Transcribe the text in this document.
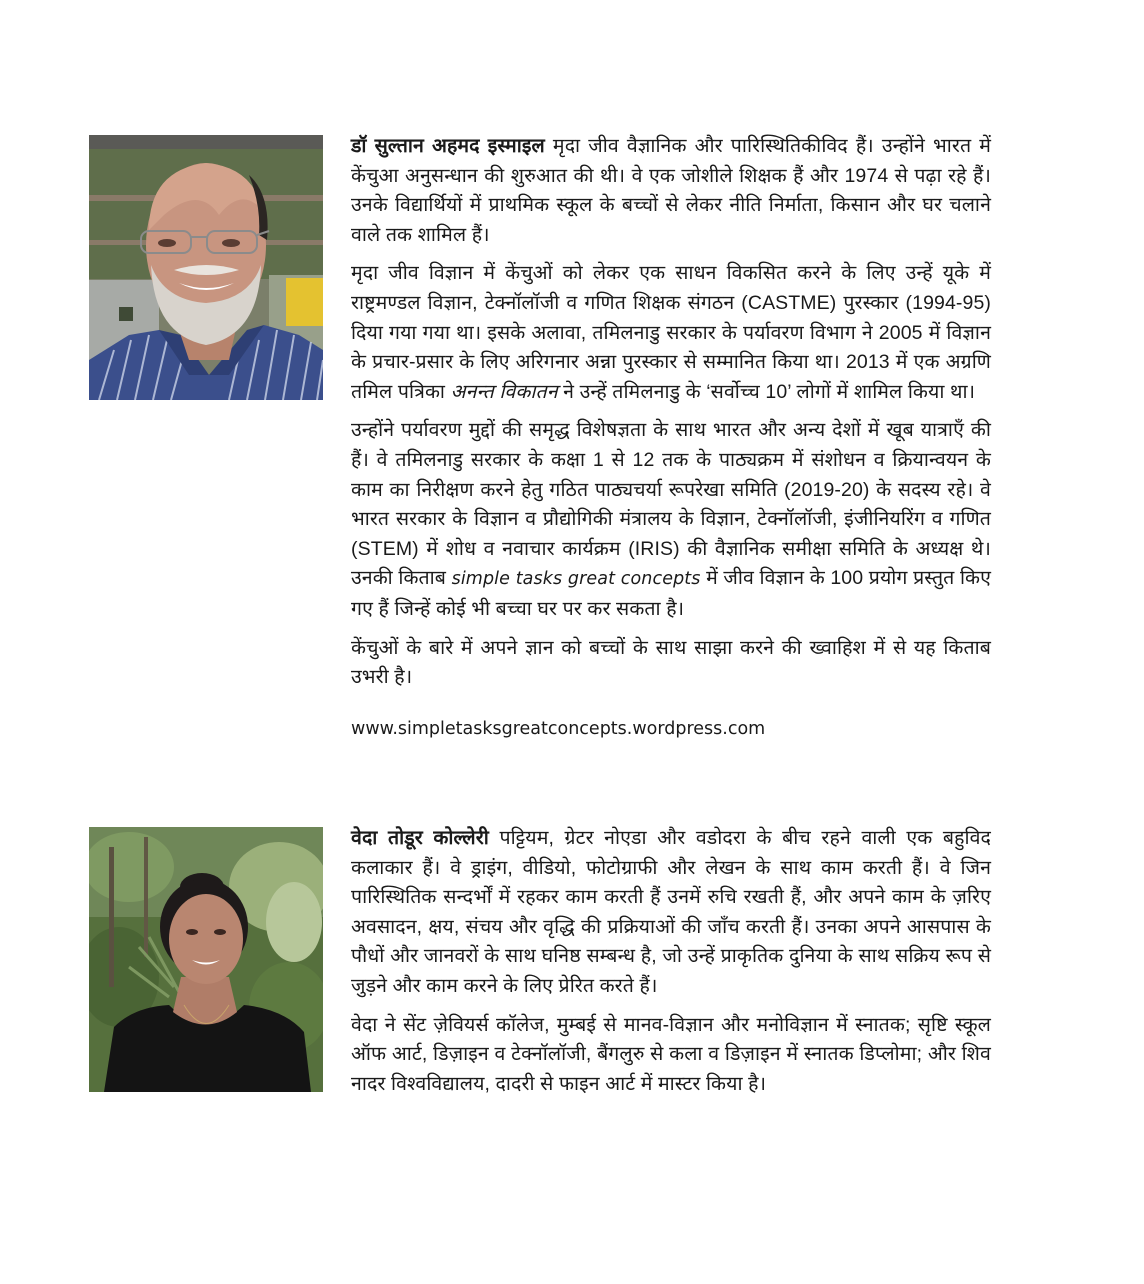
डॉ सुल्तान अहमद इस्माइल मृदा जीव वैज्ञानिक और पारिस्थितिकीविद हैं। उन्होंने भारत में केंचुआ अनुसन्धान की शुरुआत की थी। वे एक जोशीले शिक्षक हैं और 1974 से पढ़ा रहे हैं। उनके विद्यार्थियों में प्राथमिक स्कूल के बच्चों से लेकर नीति निर्माता, किसान और घर चलाने वाले तक शामिल हैं।

मृदा जीव विज्ञान में केंचुओं को लेकर एक साधन विकसित करने के लिए उन्हें यूके में राष्ट्रमण्डल विज्ञान, टेक्नॉलॉजी व गणित शिक्षक संगठन (CASTME) पुरस्कार (1994-95) दिया गया गया था। इसके अलावा, तमिलनाडु सरकार के पर्यावरण विभाग ने 2005 में विज्ञान के प्रचार-प्रसार के लिए अरिगनार अन्ना पुरस्कार से सम्मानित किया था। 2013 में एक अग्रणि तमिल पत्रिका अनन्त विकातन ने उन्हें तमिलनाडु के ‘सर्वोच्च 10’ लोगों में शामिल किया था।

उन्होंने पर्यावरण मुद्दों की समृद्ध विशेषज्ञता के साथ भारत और अन्य देशों में खूब यात्राएँ की हैं। वे तमिलनाडु सरकार के कक्षा 1 से 12 तक के पाठ्यक्रम में संशोधन व क्रियान्वयन के काम का निरीक्षण करने हेतु गठित पाठ्यचर्या रूपरेखा समिति (2019-20) के सदस्य रहे। वे भारत सरकार के विज्ञान व प्रौद्योगिकी मंत्रालय के विज्ञान, टेक्नॉलॉजी, इंजीनियरिंग व गणित (STEM) में शोध व नवाचार कार्यक्रम (IRIS) की वैज्ञानिक समीक्षा समिति के अध्यक्ष थे। उनकी किताब simple tasks great concepts में जीव विज्ञान के 100 प्रयोग प्रस्तुत किए गए हैं जिन्हें कोई भी बच्चा घर पर कर सकता है।

केंचुओं के बारे में अपने ज्ञान को बच्चों के साथ साझा करने की ख्वाहिश में से यह किताब उभरी है।

www.simpletasksgreatconcepts.wordpress.com

वेदा तोडूर कोल्लेरी पट्टियम, ग्रेटर नोएडा और वडोदरा के बीच रहने वाली एक बहुविद कलाकार हैं। वे ड्राइंग, वीडियो, फोटोग्राफी और लेखन के साथ काम करती हैं। वे जिन पारिस्थितिक सन्दर्भों में रहकर काम करती हैं उनमें रुचि रखती हैं, और अपने काम के ज़रिए अवसादन, क्षय, संचय और वृद्धि की प्रक्रियाओं की जाँच करती हैं। उनका अपने आसपास के पौधों और जानवरों के साथ घनिष्ठ सम्बन्ध है, जो उन्हें प्राकृतिक दुनिया के साथ सक्रिय रूप से जुड़ने और काम करने के लिए प्रेरित करते हैं।

वेदा ने सेंट ज़ेवियर्स कॉलेज, मुम्बई से मानव-विज्ञान और मनोविज्ञान में स्नातक; सृष्टि स्कूल ऑफ आर्ट, डिज़ाइन व टेक्नॉलॉजी, बैंगलुरु से कला व डिज़ाइन में स्नातक डिप्लोमा; और शिव नादर विश्वविद्यालय, दादरी से फाइन आर्ट में मास्टर किया है।
